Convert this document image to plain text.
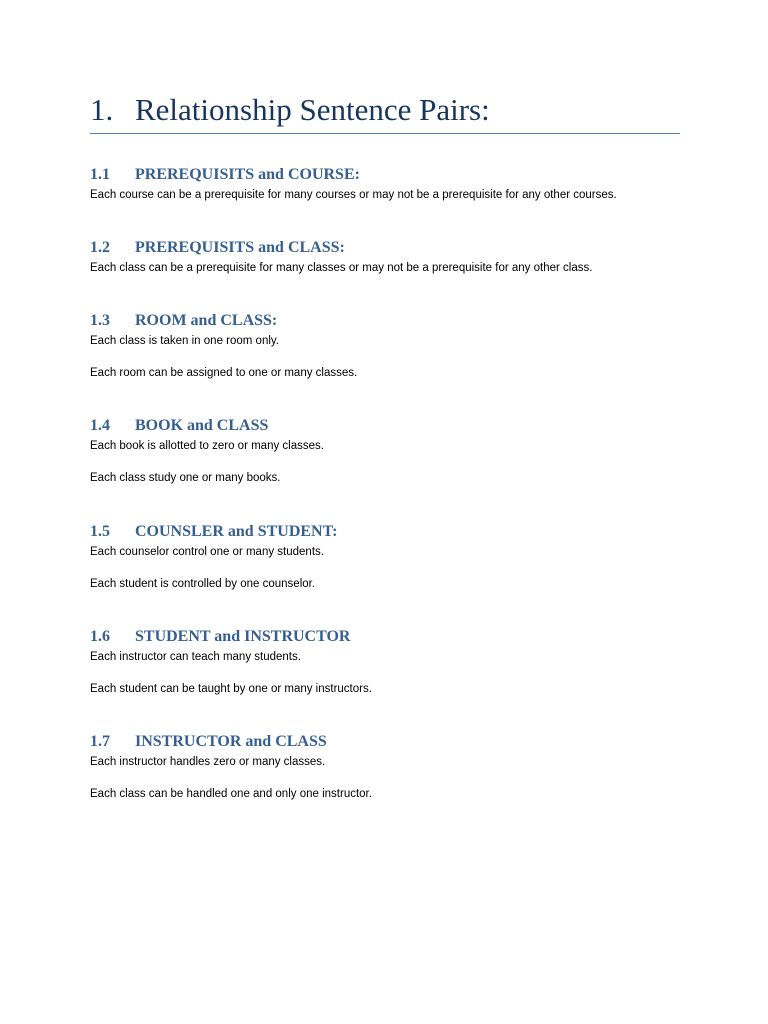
1. Relationship Sentence Pairs:
1.1 PREREQUISITS and COURSE:

Each course can be a prerequisite for many courses or may not be a prerequisite for any other courses.

1.2 PREREQUISITS and CLASS:

Each class can be a prerequisite for many classes or may not be a prerequisite for any other class.

1.3 ROOM and CLASS:

Each class is taken in one room only.

Each room can be assigned to one or many classes.

1.4 BOOK and CLASS

Each book is allotted to zero or many classes.

Each class study one or many books.

1.5 COUNSLER and STUDENT:

Each counselor control one or many students.

Each student is controlled by one counselor.

1.6 STUDENT and INSTRUCTOR

Each instructor can teach many students.

Each student can be taught by one or many instructors.

1.7 INSTRUCTOR and CLASS

Each instructor handles zero or many classes.

Each class can be handled one and only one instructor.
